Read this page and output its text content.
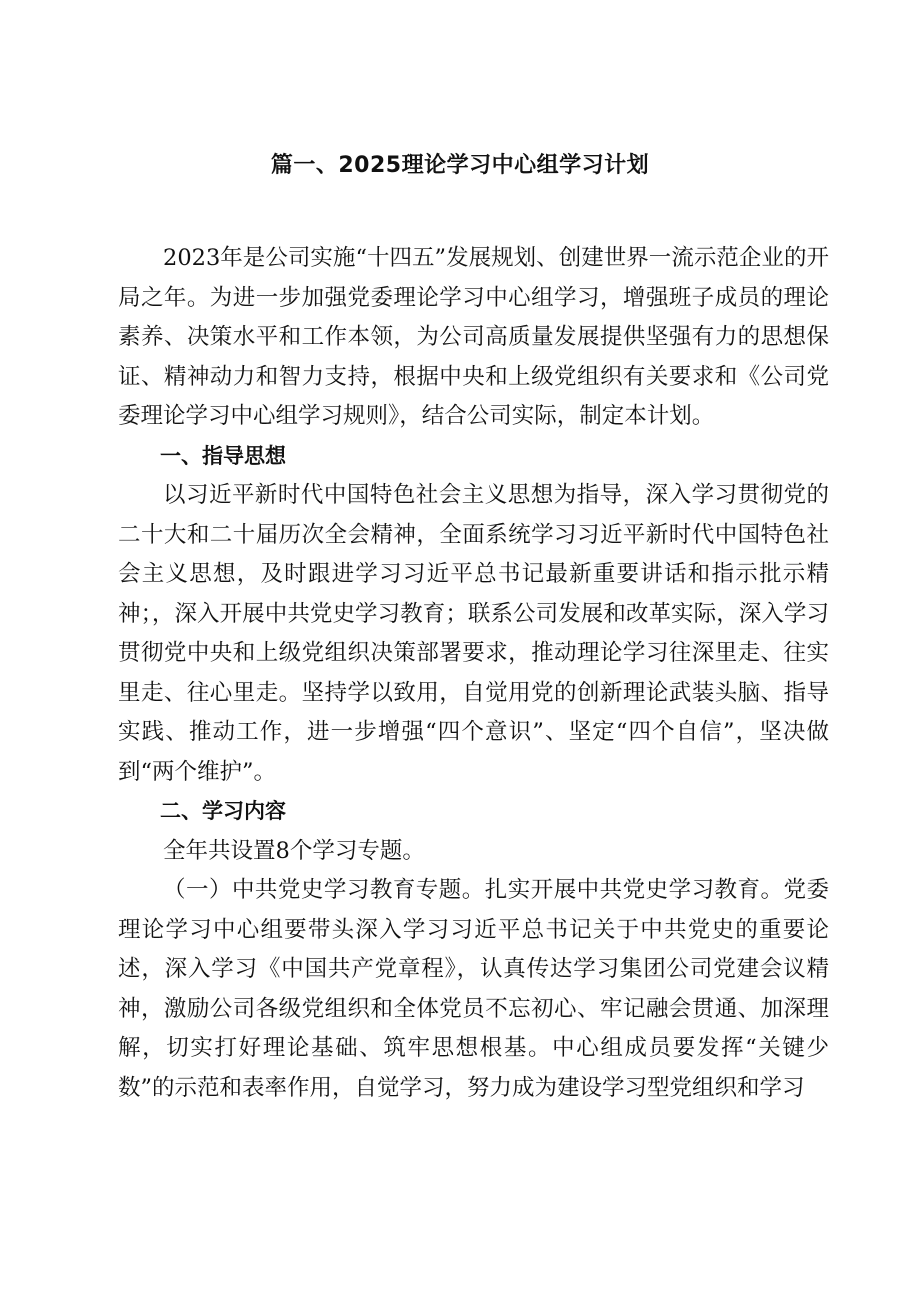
篇一、2025理论学习中心组学习计划

2023年是公司实施“十四五”发展规划、创建世界一流示范企业的开局之年。为进一步加强党委理论学习中心组学习，增强班子成员的理论素养、决策水平和工作本领，为公司高质量发展提供坚强有力的思想保证、精神动力和智力支持，根据中央和上级党组织有关要求和《公司党委理论学习中心组学习规则》，结合公司实际，制定本计划。

一、指导思想

以习近平新时代中国特色社会主义思想为指导，深入学习贯彻党的二十大和二十届历次全会精神，全面系统学习习近平新时代中国特色社会主义思想，及时跟进学习习近平总书记最新重要讲话和指示批示精神；，深入开展中共党史学习教育；联系公司发展和改革实际，深入学习贯彻党中央和上级党组织决策部署要求，推动理论学习往深里走、往实里走、往心里走。坚持学以致用，自觉用党的创新理论武装头脑、指导实践、推动工作，进一步增强“四个意识”、坚定“四个自信”，坚决做到“两个维护”。

二、学习内容

全年共设置8个学习专题。

（一）中共党史学习教育专题。扎实开展中共党史学习教育。党委理论学习中心组要带头深入学习习近平总书记关于中共党史的重要论述，深入学习《中国共产党章程》，认真传达学习集团公司党建会议精神，激励公司各级党组织和全体党员不忘初心、牢记融会贯通、加深理解，切实打好理论基础、筑牢思想根基。中心组成员要发挥“关键少数”的示范和表率作用，自觉学习，努力成为建设学习型党组织和学习
